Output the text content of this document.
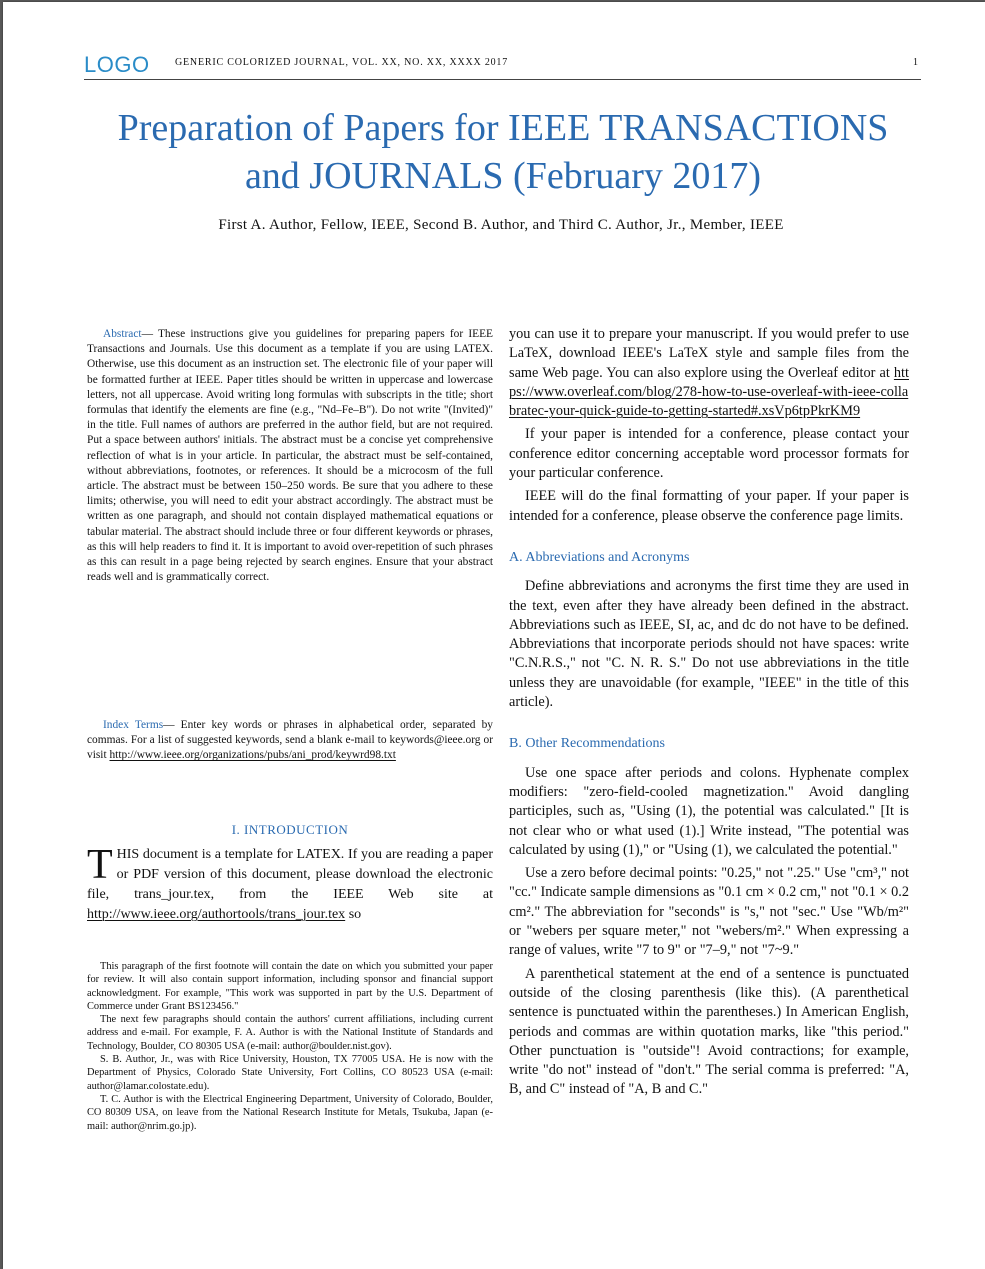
LOGO	GENERIC COLORIZED JOURNAL, VOL. XX, NO. XX, XXXX 2017	1
Preparation of Papers for IEEE TRANSACTIONS
and JOURNALS (February 2017)
First A. Author, Fellow, IEEE, Second B. Author, and Third C. Author, Jr., Member, IEEE

Abstract— These instructions give you guidelines for preparing papers for IEEE Transactions and Journals. Use this document as a template if you are using LATEX. Otherwise, use this document as an instruction set. The electronic file of your paper will be formatted further at IEEE. Paper titles should be written in uppercase and lowercase letters, not all uppercase. Avoid writing long formulas with subscripts in the title; short formulas that identify the elements are fine (e.g., "Nd–Fe–B"). Do not write "(Invited)" in the title. Full names of authors are preferred in the author field, but are not required. Put a space between authors' initials. The abstract must be a concise yet comprehensive reflection of what is in your article. In particular, the abstract must be self-contained, without abbreviations, footnotes, or references. It should be a microcosm of the full article. The abstract must be between 150–250 words. Be sure that you adhere to these limits; otherwise, you will need to edit your abstract accordingly. The abstract must be written as one paragraph, and should not contain displayed mathematical equations or tabular material. The abstract should include three or four different keywords or phrases, as this will help readers to find it. It is important to avoid over-repetition of such phrases as this can result in a page being rejected by search engines. Ensure that your abstract reads well and is grammatically correct.

Index Terms— Enter key words or phrases in alphabetical order, separated by commas. For a list of suggested keywords, send a blank e-mail to keywords@ieee.org or visit http://www.ieee.org/organizations/pubs/ani_prod/keywrd98.txt

I. INTRODUCTION
THIS document is a template for LATEX. If you are reading a paper or PDF version of this document, please download the electronic file, trans_jour.tex, from the IEEE Web site at http://www.ieee.org/authortools/trans_jour.tex so

This paragraph of the first footnote will contain the date on which you submitted your paper for review. It will also contain support information, including sponsor and financial support acknowledgment. For example, "This work was supported in part by the U.S. Department of Commerce under Grant BS123456."

The next few paragraphs should contain the authors' current affiliations, including current address and e-mail. For example, F. A. Author is with the National Institute of Standards and Technology, Boulder, CO 80305 USA (e-mail: author@boulder.nist.gov).

S. B. Author, Jr., was with Rice University, Houston, TX 77005 USA. He is now with the Department of Physics, Colorado State University, Fort Collins, CO 80523 USA (e-mail: author@lamar.colostate.edu).

T. C. Author is with the Electrical Engineering Department, University of Colorado, Boulder, CO 80309 USA, on leave from the National Research Institute for Metals, Tsukuba, Japan (e-mail: author@nrim.go.jp).

you can use it to prepare your manuscript. If you would prefer to use LaTeX, download IEEE's LaTeX style and sample files from the same Web page. You can also explore using the Overleaf editor at https://www.overleaf.com/blog/278-how-to-use-overleaf-with-ieee-collabratec-your-quick-guide-to-getting-started#.xsVp6tpPkrKM9

If your paper is intended for a conference, please contact your conference editor concerning acceptable word processor formats for your particular conference.

IEEE will do the final formatting of your paper. If your paper is intended for a conference, please observe the conference page limits.

A. Abbreviations and Acronyms

Define abbreviations and acronyms the first time they are used in the text, even after they have already been defined in the abstract. Abbreviations such as IEEE, SI, ac, and dc do not have to be defined. Abbreviations that incorporate periods should not have spaces: write "C.N.R.S.," not "C. N. R. S." Do not use abbreviations in the title unless they are unavoidable (for example, "IEEE" in the title of this article).

B. Other Recommendations

Use one space after periods and colons. Hyphenate complex modifiers: "zero-field-cooled magnetization." Avoid dangling participles, such as, "Using (1), the potential was calculated." [It is not clear who or what used (1).] Write instead, "The potential was calculated by using (1)," or "Using (1), we calculated the potential."

Use a zero before decimal points: "0.25," not ".25." Use "cm³," not "cc." Indicate sample dimensions as "0.1 cm × 0.2 cm," not "0.1 × 0.2 cm²." The abbreviation for "seconds" is "s," not "sec." Use "Wb/m²" or "webers per square meter," not "webers/m²." When expressing a range of values, write "7 to 9" or "7–9," not "7~9."

A parenthetical statement at the end of a sentence is punctuated outside of the closing parenthesis (like this). (A parenthetical sentence is punctuated within the parentheses.) In American English, periods and commas are within quotation marks, like "this period." Other punctuation is "outside"! Avoid contractions; for example, write "do not" instead of "don't." The serial comma is preferred: "A, B, and C" instead of "A, B and C."
